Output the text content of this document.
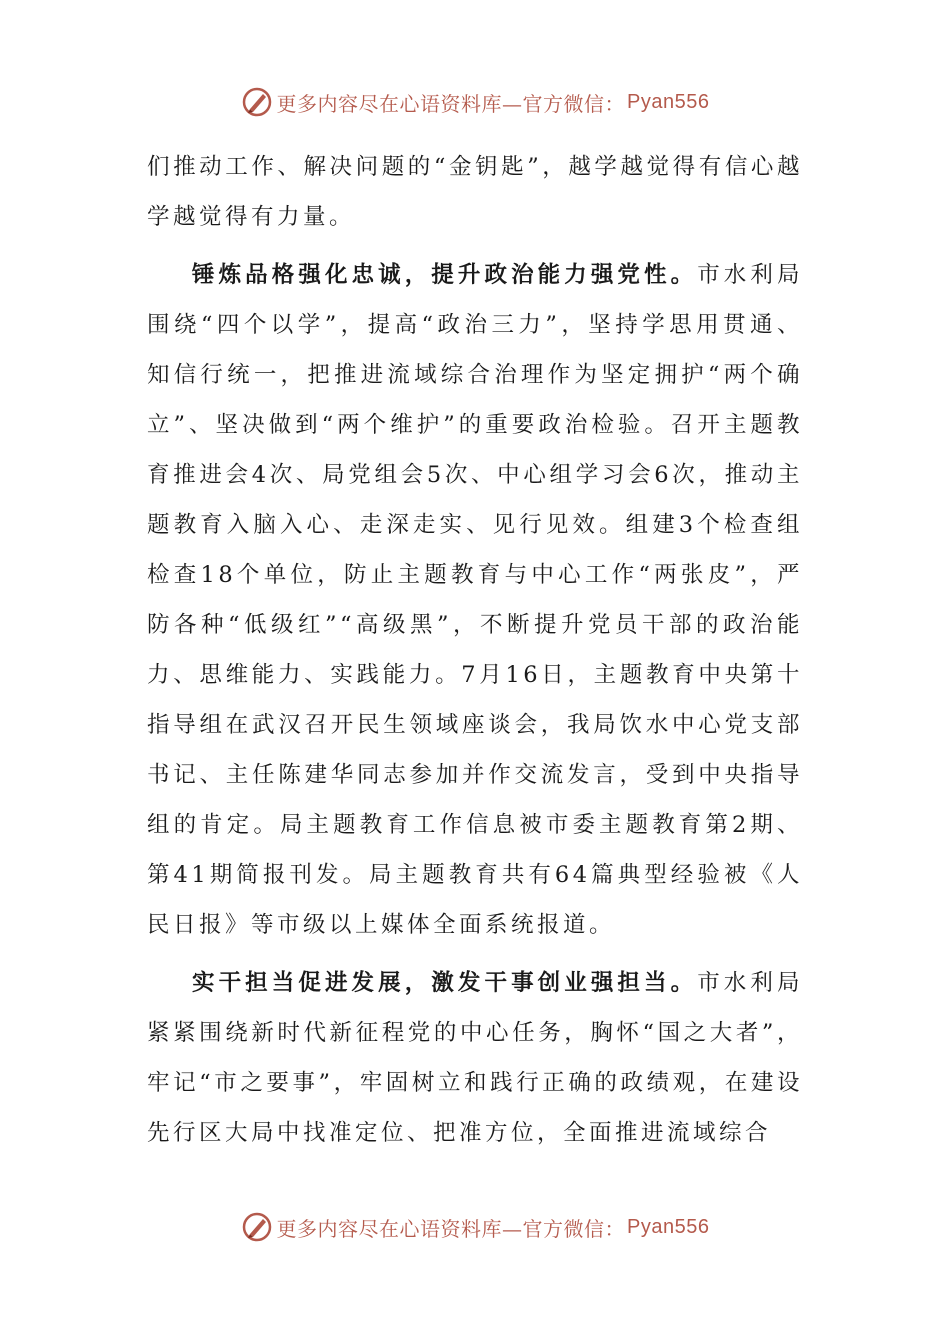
更多内容尽在心语资料库—官方微信： Pyan556

们推动工作、解决问题的“金钥匙”，越学越觉得有信心越学越觉得有力量。

锤炼品格强化忠诚，提升政治能力强党性。市水利局围绕“四个以学”，提高“政治三力”，坚持学思用贯通、知信行统一，把推进流域综合治理作为坚定拥护“两个确立”、坚决做到“两个维护”的重要政治检验。召开主题教育推进会4次、局党组会5次、中心组学习会6次，推动主题教育入脑入心、走深走实、见行见效。组建3个检查组检查18个单位，防止主题教育与中心工作“两张皮”，严防各种“低级红”“高级黑”，不断提升党员干部的政治能力、思维能力、实践能力。7月16日，主题教育中央第十指导组在武汉召开民生领域座谈会，我局饮水中心党支部书记、主任陈建华同志参加并作交流发言，受到中央指导组的肯定。局主题教育工作信息被市委主题教育第2期、第41期简报刊发。局主题教育共有64篇典型经验被《人民日报》等市级以上媒体全面系统报道。

实干担当促进发展，激发干事创业强担当。市水利局紧紧围绕新时代新征程党的中心任务，胸怀“国之大者”，牢记“市之要事”，牢固树立和践行正确的政绩观，在建设先行区大局中找准定位、把准方位，全面推进流域综合

更多内容尽在心语资料库—官方微信： Pyan556
